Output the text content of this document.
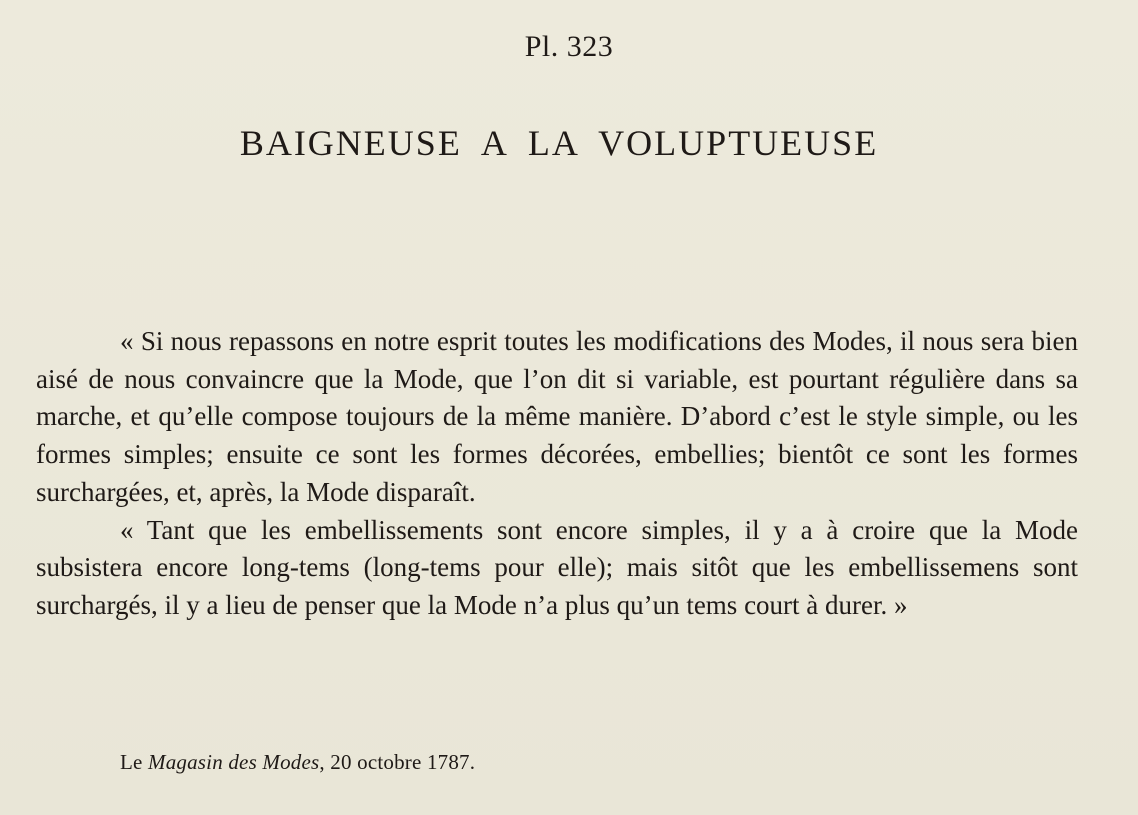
Pl. 323
BAIGNEUSE A LA VOLUPTUEUSE

« Si nous repassons en notre esprit toutes les modifications des Modes, il nous sera bien aisé de nous convaincre que la Mode, que l’on dit si variable, est pourtant régulière dans sa marche, et qu’elle compose toujours de la même manière. D’abord c’est le style simple, ou les formes simples; ensuite ce sont les formes décorées, embellies; bientôt ce sont les formes surchargées, et, après, la Mode disparaît.

« Tant que les embellissements sont encore simples, il y a à croire que la Mode subsistera encore long-tems (long-tems pour elle); mais sitôt que les embellissemens sont surchargés, il y a lieu de penser que la Mode n’a plus qu’un tems court à durer. »

Le Magasin des Modes, 20 octobre 1787.
